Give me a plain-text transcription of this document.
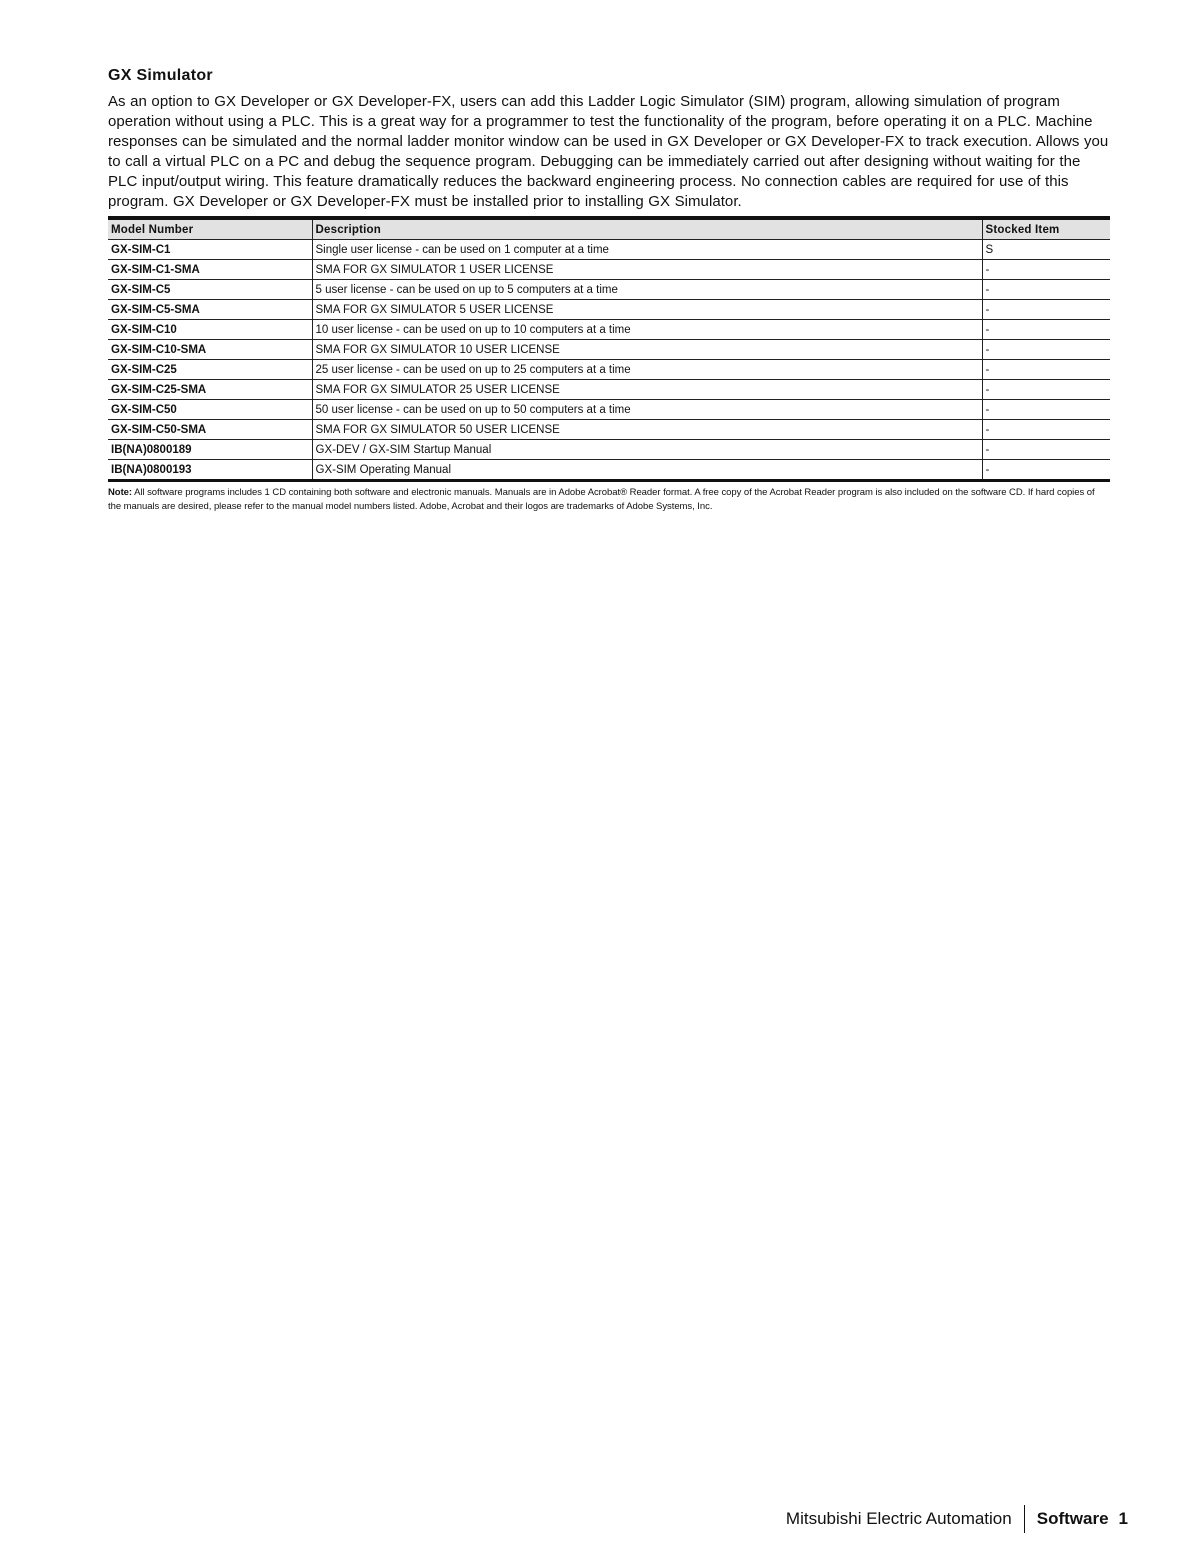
GX Simulator

As an option to GX Developer or GX Developer-FX, users can add this Ladder Logic Simulator (SIM) program, allowing simulation of program operation without using a PLC. This is a great way for a programmer to test the functionality of the program, before operating it on a PLC. Machine responses can be simulated and the normal ladder monitor window can be used in GX Developer or GX Developer-FX to track execution. Allows you to call a virtual PLC on a PC and debug the sequence program. Debugging can be immediately carried out after designing without waiting for the PLC input/output wiring. This feature dramatically reduces the backward engineering process. No connection cables are required for use of this program. GX Developer or GX Developer-FX must be installed prior to installing GX Simulator.

Model Number	Description	Stocked Item
GX-SIM-C1	Single user license - can be used on 1 computer at a time	S
GX-SIM-C1-SMA	SMA FOR GX SIMULATOR 1 USER LICENSE	-
GX-SIM-C5	5 user license - can be used on up to 5 computers at a time	-
GX-SIM-C5-SMA	SMA FOR GX SIMULATOR 5 USER LICENSE	-
GX-SIM-C10	10 user license - can be used on up to 10 computers at a time	-
GX-SIM-C10-SMA	SMA FOR GX SIMULATOR 10 USER LICENSE	-
GX-SIM-C25	25 user license - can be used on up to 25 computers at a time	-
GX-SIM-C25-SMA	SMA FOR GX SIMULATOR 25 USER LICENSE	-
GX-SIM-C50	50 user license - can be used on up to 50 computers at a time	-
GX-SIM-C50-SMA	SMA FOR GX SIMULATOR 50 USER LICENSE	-
IB(NA)0800189	GX-DEV / GX-SIM Startup Manual	-
IB(NA)0800193	GX-SIM Operating Manual	-

Note: All software programs includes 1 CD containing both software and electronic manuals. Manuals are in Adobe Acrobat® Reader format. A free copy of the Acrobat Reader program is also included on the software CD. If hard copies of the manuals are desired, please refer to the manual model numbers listed. Adobe, Acrobat and their logos are trademarks of Adobe Systems, Inc.

Mitsubishi Electric Automation	Software 1
